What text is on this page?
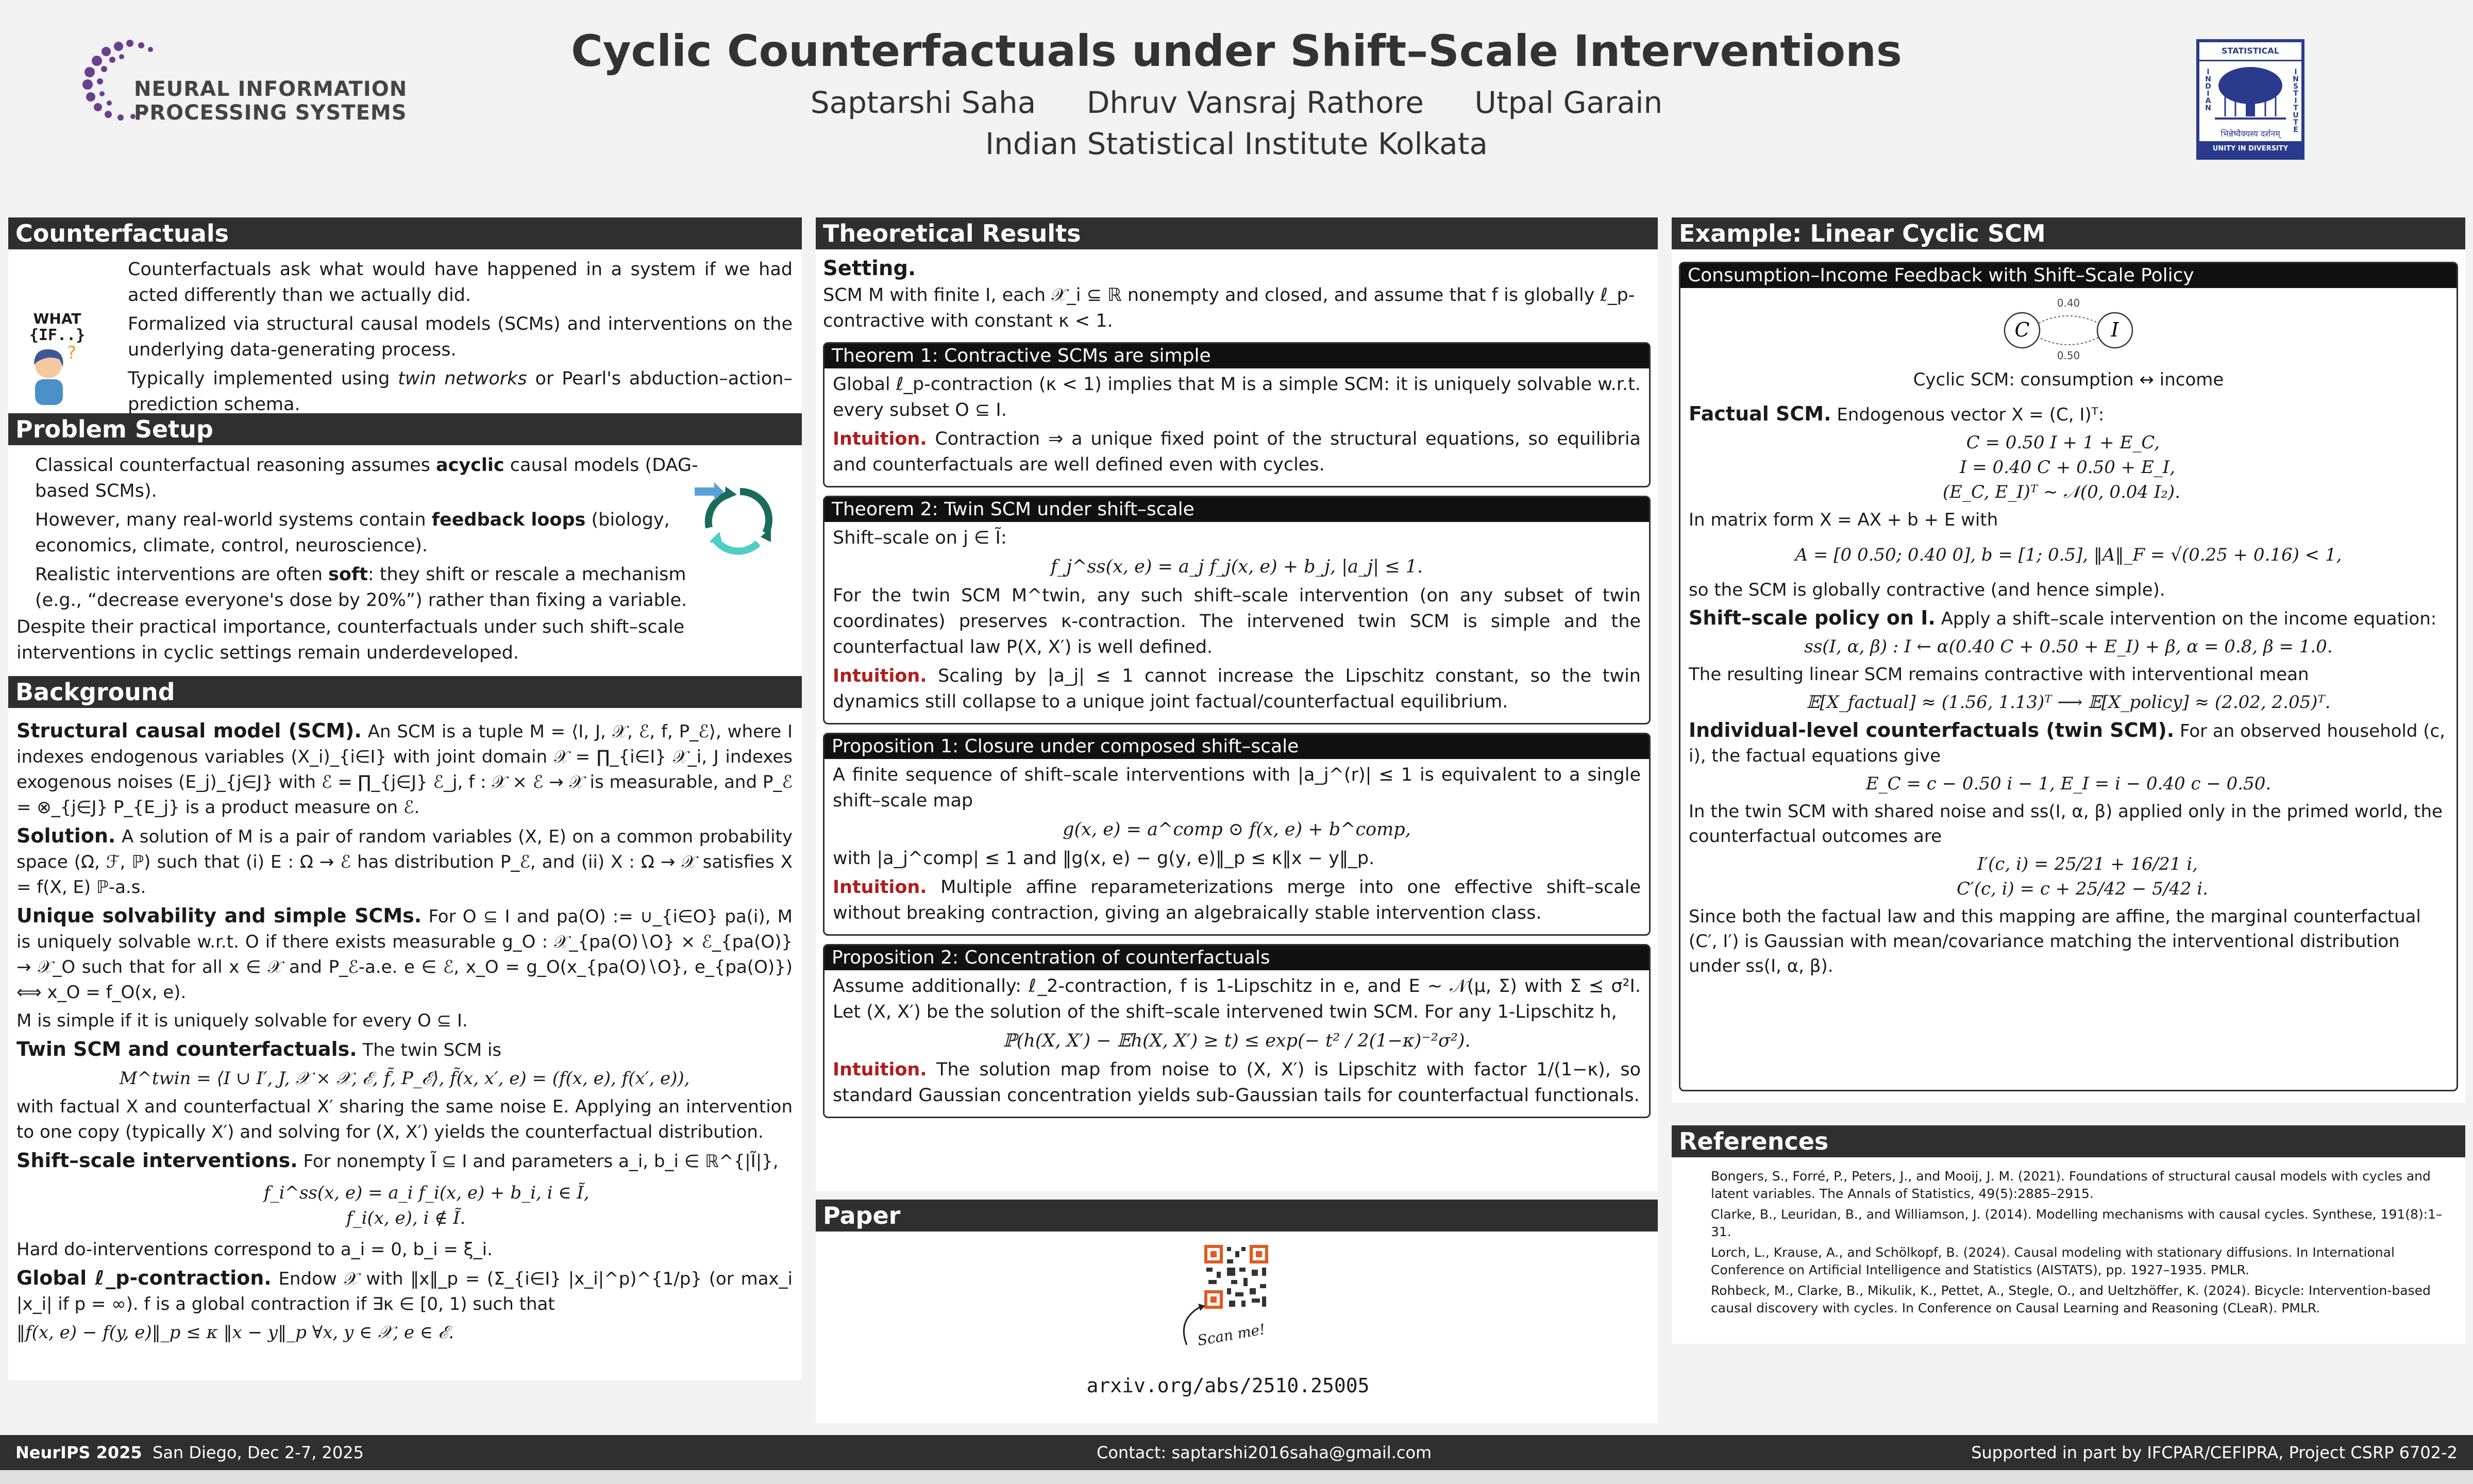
NEURAL INFORMATION
PROCESSING SYSTEMS
Cyclic Counterfactuals under Shift–Scale Interventions
Saptarshi Saha Dhruv Vansraj Rathore Utpal Garain
Indian Statistical Institute Kolkata
STATISTICAL
INDIAN	INSTITUTE
भिन्नेष्वैक्यस्य दर्शनम्
UNITY IN DIVERSITY
Counterfactuals
WHAT
{IF..}
?

Counterfactuals ask what would have happened in a system if we had acted differently than we actually did.

Formalized via structural causal models (SCMs) and interventions on the underlying data-generating process.

Typically implemented using twin networks or Pearl's abduction–action–prediction schema.

Problem Setup

Classical counterfactual reasoning assumes acyclic causal models (DAG-based SCMs).

However, many real-world systems contain feedback loops (biology, economics, climate, control, neuroscience).

Realistic interventions are often soft: they shift or rescale a mechanism (e.g., “decrease everyone's dose by 20%”) rather than fixing a variable.

Despite their practical importance, counterfactuals under such shift–scale interventions in cyclic settings remain underdeveloped.

Background

Structural causal model (SCM). An SCM is a tuple M = ⟨I, J, 𝒳, ℰ, f, P_ℰ⟩, where I indexes endogenous variables (X_i)_{i∈I} with joint domain 𝒳 = ∏_{i∈I} 𝒳_i, J indexes exogenous noises (E_j)_{j∈J} with ℰ = ∏_{j∈J} ℰ_j, f : 𝒳 × ℰ → 𝒳 is measurable, and P_ℰ = ⊗_{j∈J} P_{E_j} is a product measure on ℰ.

Solution. A solution of M is a pair of random variables (X, E) on a common probability space (Ω, ℱ, ℙ) such that (i) E : Ω → ℰ has distribution P_ℰ, and (ii) X : Ω → 𝒳 satisfies X = f(X, E) ℙ-a.s.

Unique solvability and simple SCMs. For O ⊆ I and pa(O) := ∪_{i∈O} pa(i), M is uniquely solvable w.r.t. O if there exists measurable g_O : 𝒳_{pa(O)∖O} × ℰ_{pa(O)} → 𝒳_O such that for all x ∈ 𝒳 and P_ℰ-a.e. e ∈ ℰ, x_O = g_O(x_{pa(O)∖O}, e_{pa(O)}) ⟺ x_O = f_O(x, e).

M is simple if it is uniquely solvable for every O ⊆ I.

Twin SCM and counterfactuals. The twin SCM is

M^twin = ⟨I ∪ I′, J, 𝒳 × 𝒳, ℰ, f̃, P_ℰ⟩, f̃(x, x′, e) = (f(x, e), f(x′, e)),

with factual X and counterfactual X′ sharing the same noise E. Applying an intervention to one copy (typically X′) and solving for (X, X′) yields the counterfactual distribution.

Shift–scale interventions. For nonempty Ĩ ⊆ I and parameters a_i, b_i ∈ ℝ^{|Ĩ|},

f_i^ss(x, e) = a_i f_i(x, e) + b_i, i ∈ Ĩ,
f_i(x, e), i ∉ Ĩ.

Hard do-interventions correspond to a_i = 0, b_i = ξ_i.

Global ℓ_p-contraction. Endow 𝒳 with ‖x‖_p = (Σ_{i∈I} |x_i|^p)^{1/p} (or max_i |x_i| if p = ∞). f is a global contraction if ∃κ ∈ [0, 1) such that

‖f(x, e) − f(y, e)‖_p ≤ κ ‖x − y‖_p ∀x, y ∈ 𝒳, e ∈ ℰ.
Theoretical Results

Setting.
SCM M with finite I, each 𝒳_i ⊆ ℝ nonempty and closed, and assume that f is globally ℓ_p-contractive with constant κ < 1.

Theorem 1: Contractive SCMs are simple

Global ℓ_p-contraction (κ < 1) implies that M is a simple SCM: it is uniquely solvable w.r.t. every subset O ⊆ I.

Intuition. Contraction ⇒ a unique fixed point of the structural equations, so equilibria and counterfactuals are well defined even with cycles.

Theorem 2: Twin SCM under shift–scale

Shift–scale on j ∈ Ĩ:

f_j^ss(x, e) = a_j f_j(x, e) + b_j, |a_j| ≤ 1.

For the twin SCM M^twin, any such shift–scale intervention (on any subset of twin coordinates) preserves κ-contraction. The intervened twin SCM is simple and the counterfactual law P(X, X′) is well defined.

Intuition. Scaling by |a_j| ≤ 1 cannot increase the Lipschitz constant, so the twin dynamics still collapse to a unique joint factual/counterfactual equilibrium.

Proposition 1: Closure under composed shift–scale

A finite sequence of shift–scale interventions with |a_j^(r)| ≤ 1 is equivalent to a single shift–scale map

g(x, e) = a^comp ⊙ f(x, e) + b^comp,

with |a_j^comp| ≤ 1 and ‖g(x, e) − g(y, e)‖_p ≤ κ‖x − y‖_p.

Intuition. Multiple affine reparameterizations merge into one effective shift–scale without breaking contraction, giving an algebraically stable intervention class.

Proposition 2: Concentration of counterfactuals

Assume additionally: ℓ_2-contraction, f is 1-Lipschitz in e, and E ∼ 𝒩(μ, Σ) with Σ ⪯ σ²I. Let (X, X′) be the solution of the shift–scale intervened twin SCM. For any 1-Lipschitz h,

ℙ(h(X, X′) − 𝔼h(X, X′) ≥ t) ≤ exp(− t² / 2(1−κ)⁻²σ²).

Intuition. The solution map from noise to (X, X′) is Lipschitz with factor 1/(1−κ), so standard Gaussian concentration yields sub-Gaussian tails for counterfactual functionals.

Paper
Scan me!
arxiv.org/abs/2510.25005
Example: Linear Cyclic SCM
Consumption–Income Feedback with Shift–Scale Policy
C	I
0.40
0.50
Cyclic SCM: consumption ↔ income

Factual SCM. Endogenous vector X = (C, I)ᵀ:

C = 0.50 I + 1 + E_C,
I = 0.40 C + 0.50 + E_I,
(E_C, E_I)ᵀ ∼ 𝒩(0, 0.04 I₂).

In matrix form X = AX + b + E with

A = [0 0.50; 0.40 0], b = [1; 0.5], ‖A‖_F = √(0.25 + 0.16) < 1,

so the SCM is globally contractive (and hence simple).

Shift–scale policy on I. Apply a shift–scale intervention on the income equation:

ss(I, α, β) : I ← α(0.40 C + 0.50 + E_I) + β, α = 0.8, β = 1.0.

The resulting linear SCM remains contractive with interventional mean

𝔼[X_factual] ≈ (1.56, 1.13)ᵀ ⟶ 𝔼[X_policy] ≈ (2.02, 2.05)ᵀ.

Individual-level counterfactuals (twin SCM). For an observed household (c, i), the factual equations give

E_C = c − 0.50 i − 1, E_I = i − 0.40 c − 0.50.

In the twin SCM with shared noise and ss(I, α, β) applied only in the primed world, the counterfactual outcomes are

I′(c, i) = 25/21 + 16/21 i,
C′(c, i) = c + 25/42 − 5/42 i.

Since both the factual law and this mapping are affine, the marginal counterfactual (C′, I′) is Gaussian with mean/covariance matching the interventional distribution under ss(I, α, β).

References

Bongers, S., Forré, P., Peters, J., and Mooij, J. M. (2021). Foundations of structural causal models with cycles and latent variables. The Annals of Statistics, 49(5):2885–2915.

Clarke, B., Leuridan, B., and Williamson, J. (2014). Modelling mechanisms with causal cycles. Synthese, 191(8):1–31.

Lorch, L., Krause, A., and Schölkopf, B. (2024). Causal modeling with stationary diffusions. In International Conference on Artificial Intelligence and Statistics (AISTATS), pp. 1927–1935. PMLR.

Rohbeck, M., Clarke, B., Mikulik, K., Pettet, A., Stegle, O., and Ueltzhöffer, K. (2024). Bicycle: Intervention-based causal discovery with cycles. In Conference on Causal Learning and Reasoning (CLeaR). PMLR.

NeurIPS 2025 San Diego, Dec 2-7, 2025	Contact: saptarshi2016saha@gmail.com	Supported in part by IFCPAR/CEFIPRA, Project CSRP 6702-2
